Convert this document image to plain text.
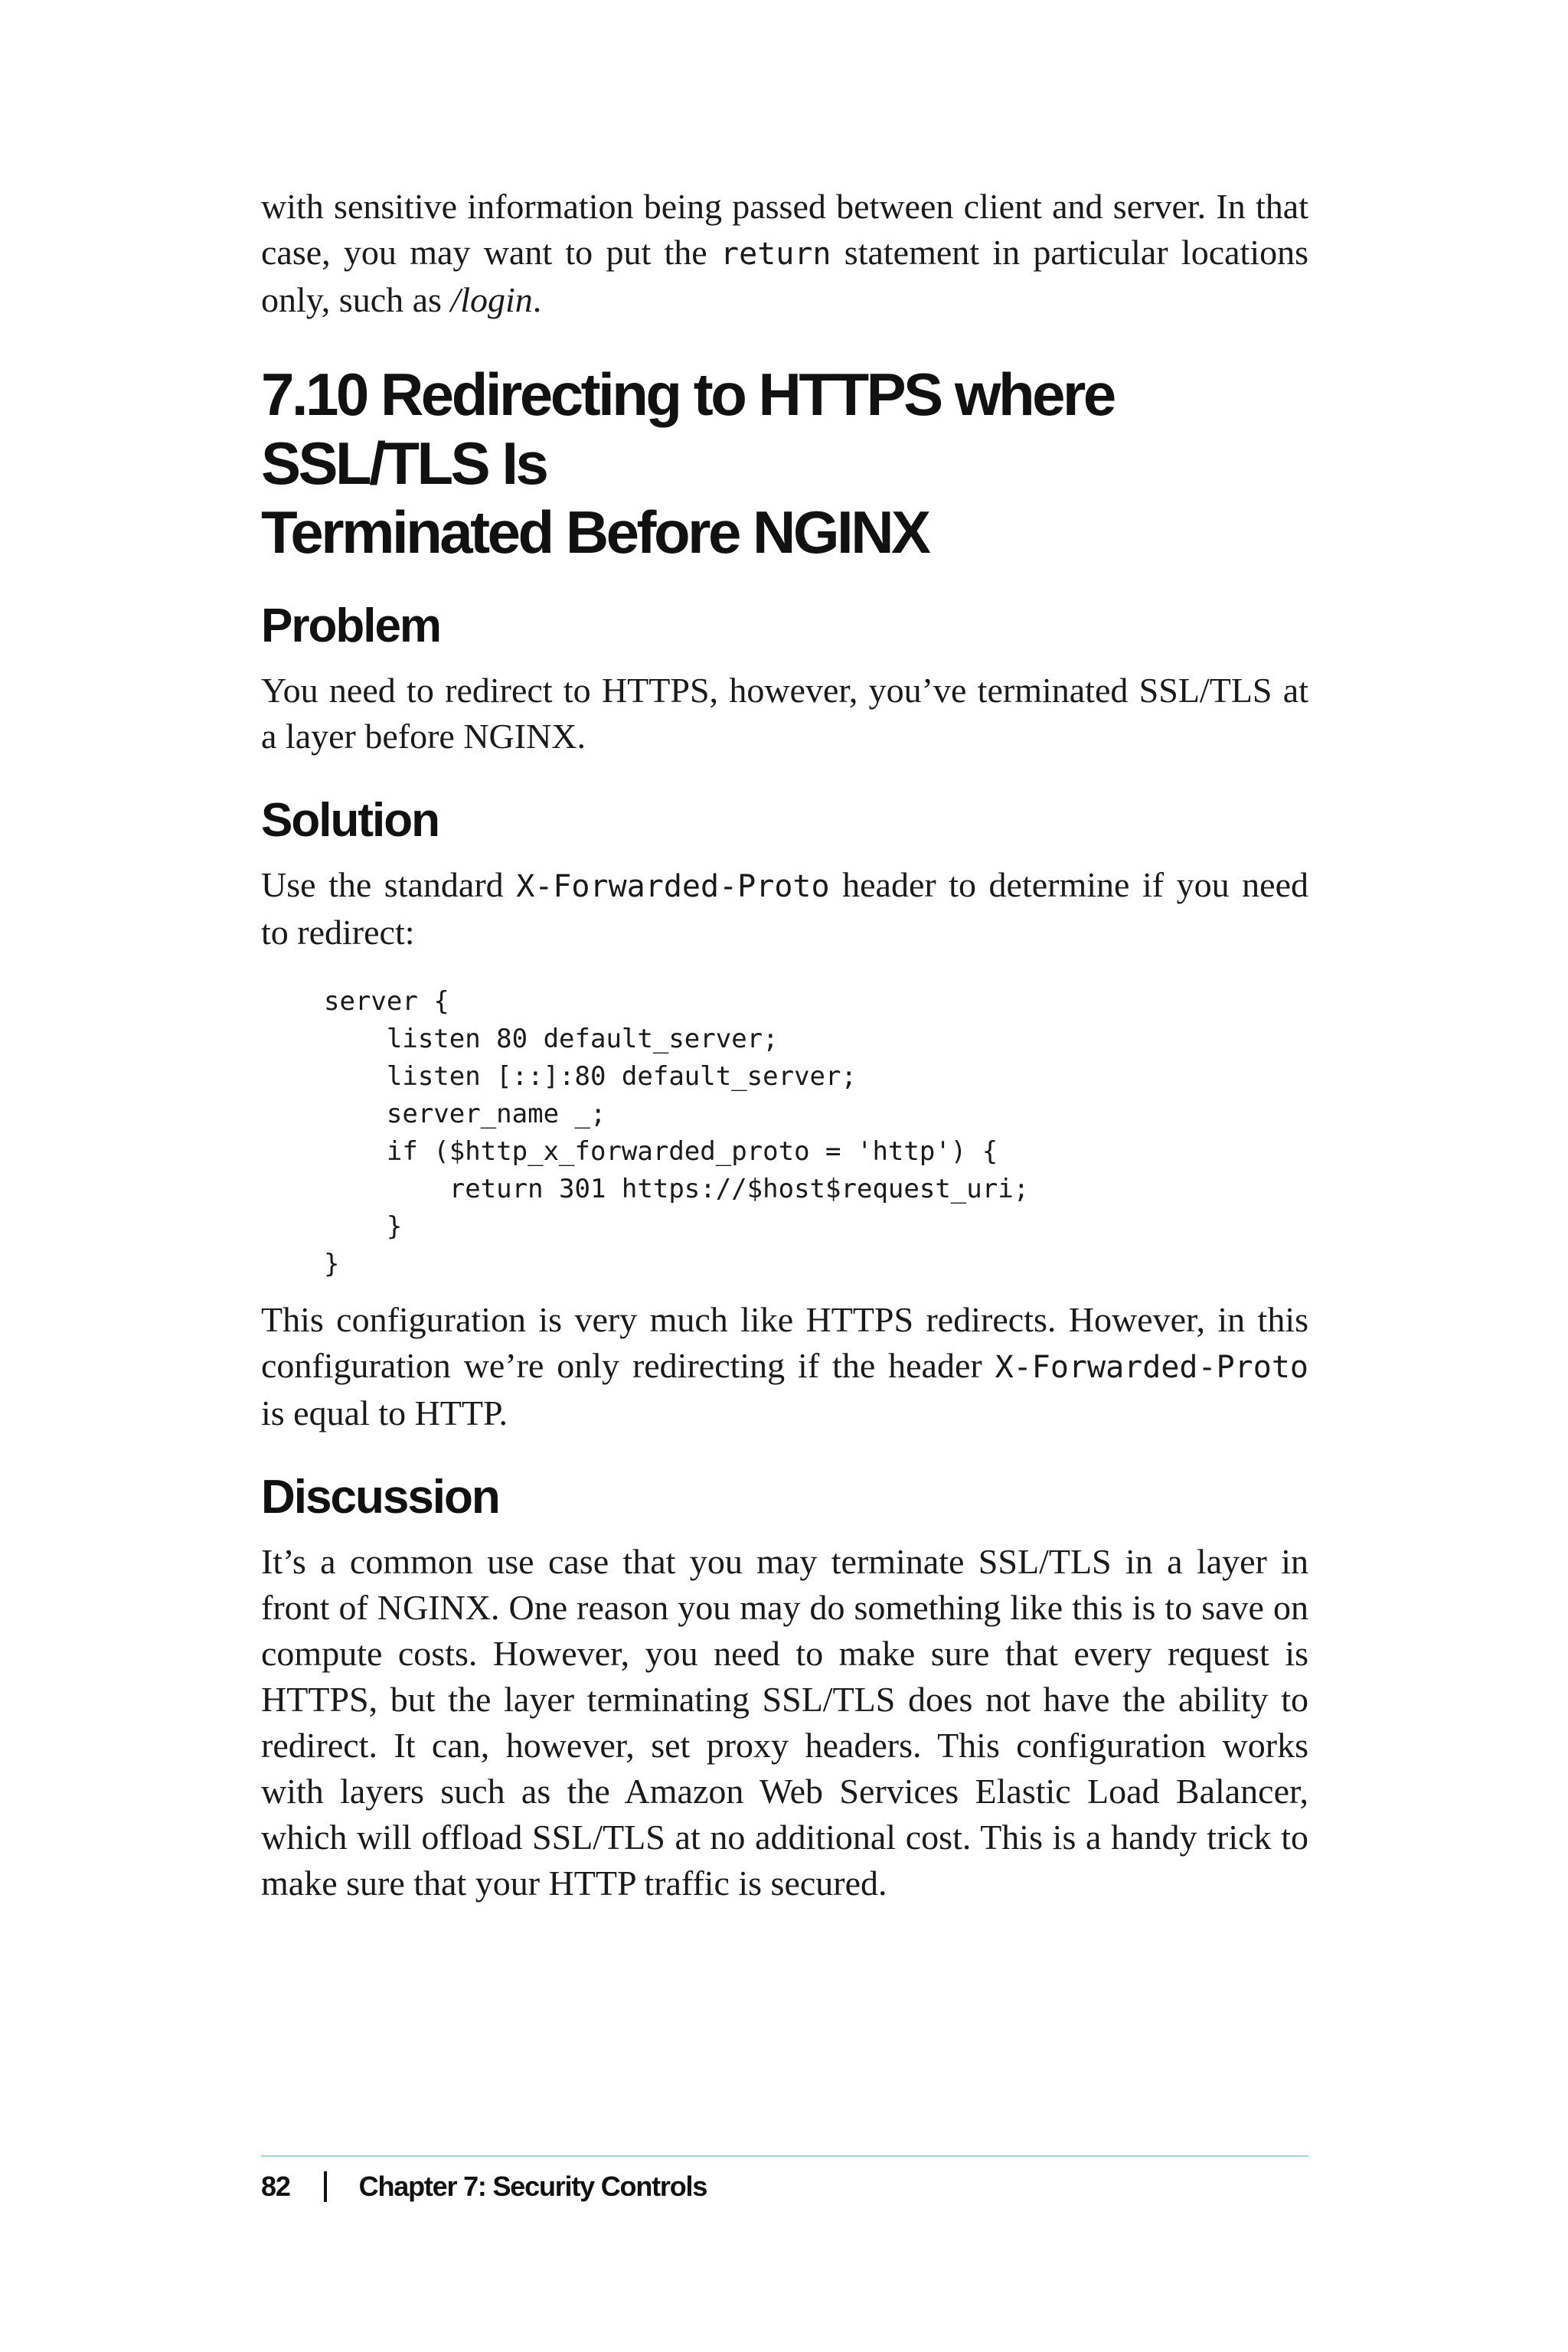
with sensitive information being passed between client and server. In that case, you may want to put the return statement in particular locations only, such as /login.

7.10 Redirecting to HTTPS where SSL/TLS Is
Terminated Before NGINX
Problem

You need to redirect to HTTPS, however, you’ve terminated SSL/TLS at a layer before NGINX.

Solution

Use the standard X-Forwarded-Proto header to determine if you need to redirect:

server {
listen 80 default_server;
listen [::]:80 default_server;
server_name _;
if ($http_x_forwarded_proto = 'http') {
return 301 https://$host$request_uri;
}
}

This configuration is very much like HTTPS redirects. However, in this configuration we’re only redirecting if the header X-Forwarded-Proto is equal to HTTP.

Discussion

It’s a common use case that you may terminate SSL/TLS in a layer in front of NGINX. One reason you may do something like this is to save on compute costs. However, you need to make sure that every request is HTTPS, but the layer terminating SSL/TLS does not have the ability to redirect. It can, however, set proxy headers. This configuration works with layers such as the Amazon Web Services Elastic Load Balancer, which will offload SSL/TLS at no additional cost. This is a handy trick to make sure that your HTTP traffic is secured.

82	Chapter 7: Security Controls
